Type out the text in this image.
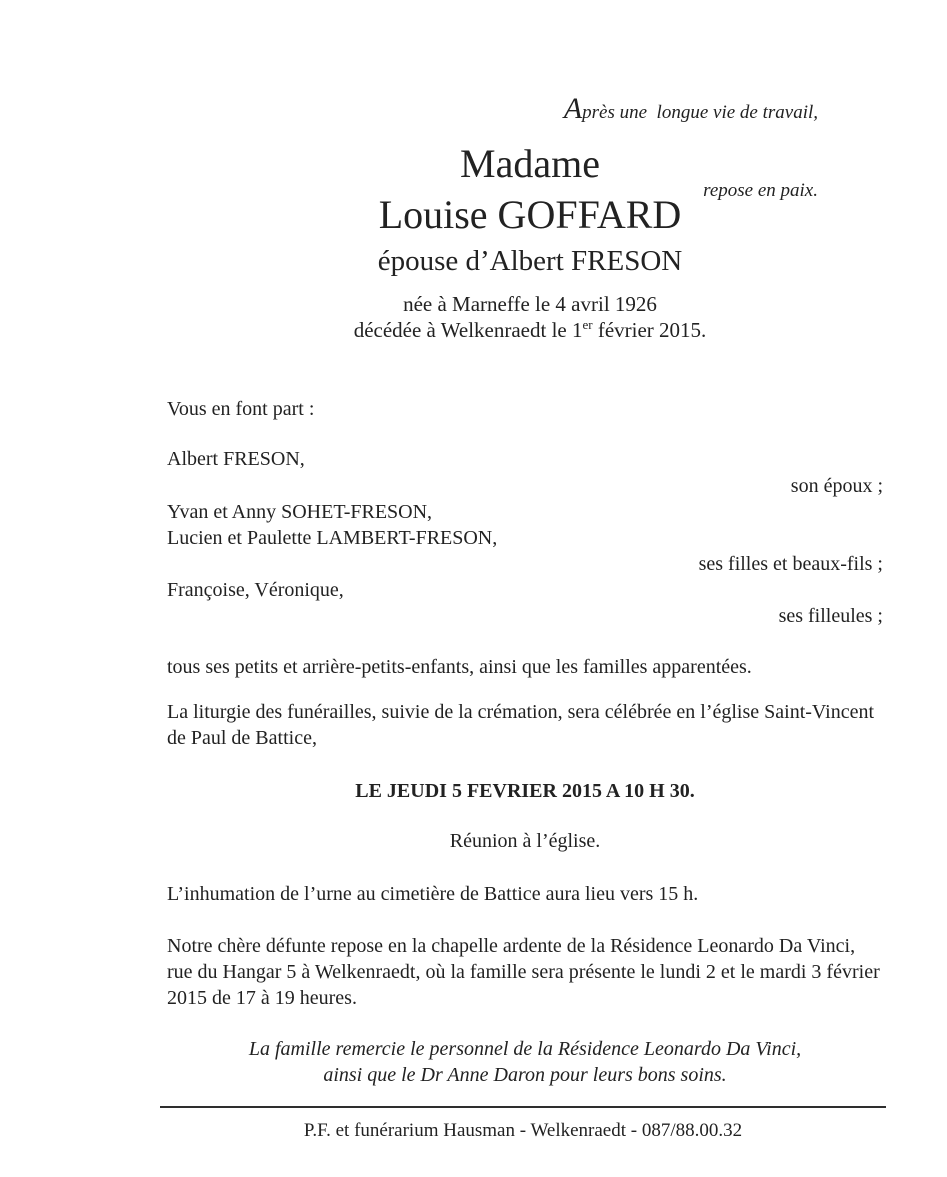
Après une  longue vie de travail,

repose en paix.

Madame
Louise GOFFARD
épouse d’Albert FRESON
née à Marneffe le 4 avril 1926
décédée à Welkenraedt le 1er février 2015.
Vous en font part :
Albert FRESON,
son époux ;
Yvan et Anny SOHET-FRESON,
Lucien et Paulette LAMBERT-FRESON,
ses filles et beaux-fils ;
Françoise, Véronique,
ses filleules ;
tous ses petits et arrière-petits-enfants, ainsi que les familles apparentées.
La liturgie des funérailles, suivie de la crémation, sera célébrée en l’église Saint-Vincent de Paul de Battice,
LE JEUDI 5 FEVRIER 2015 A 10 H 30.
Réunion à l’église.
L’inhumation de l’urne au cimetière de Battice aura lieu vers 15 h.
Notre chère défunte repose en la chapelle ardente de la Résidence Leonardo Da Vinci, rue du Hangar 5 à Welkenraedt, où la famille sera présente le lundi 2 et le mardi 3 février 2015 de 17 à 19 heures.
La famille remercie le personnel de la Résidence Leonardo Da Vinci,
ainsi que le Dr Anne Daron pour leurs bons soins.
P.F. et funérarium Hausman - Welkenraedt - 087/88.00.32
